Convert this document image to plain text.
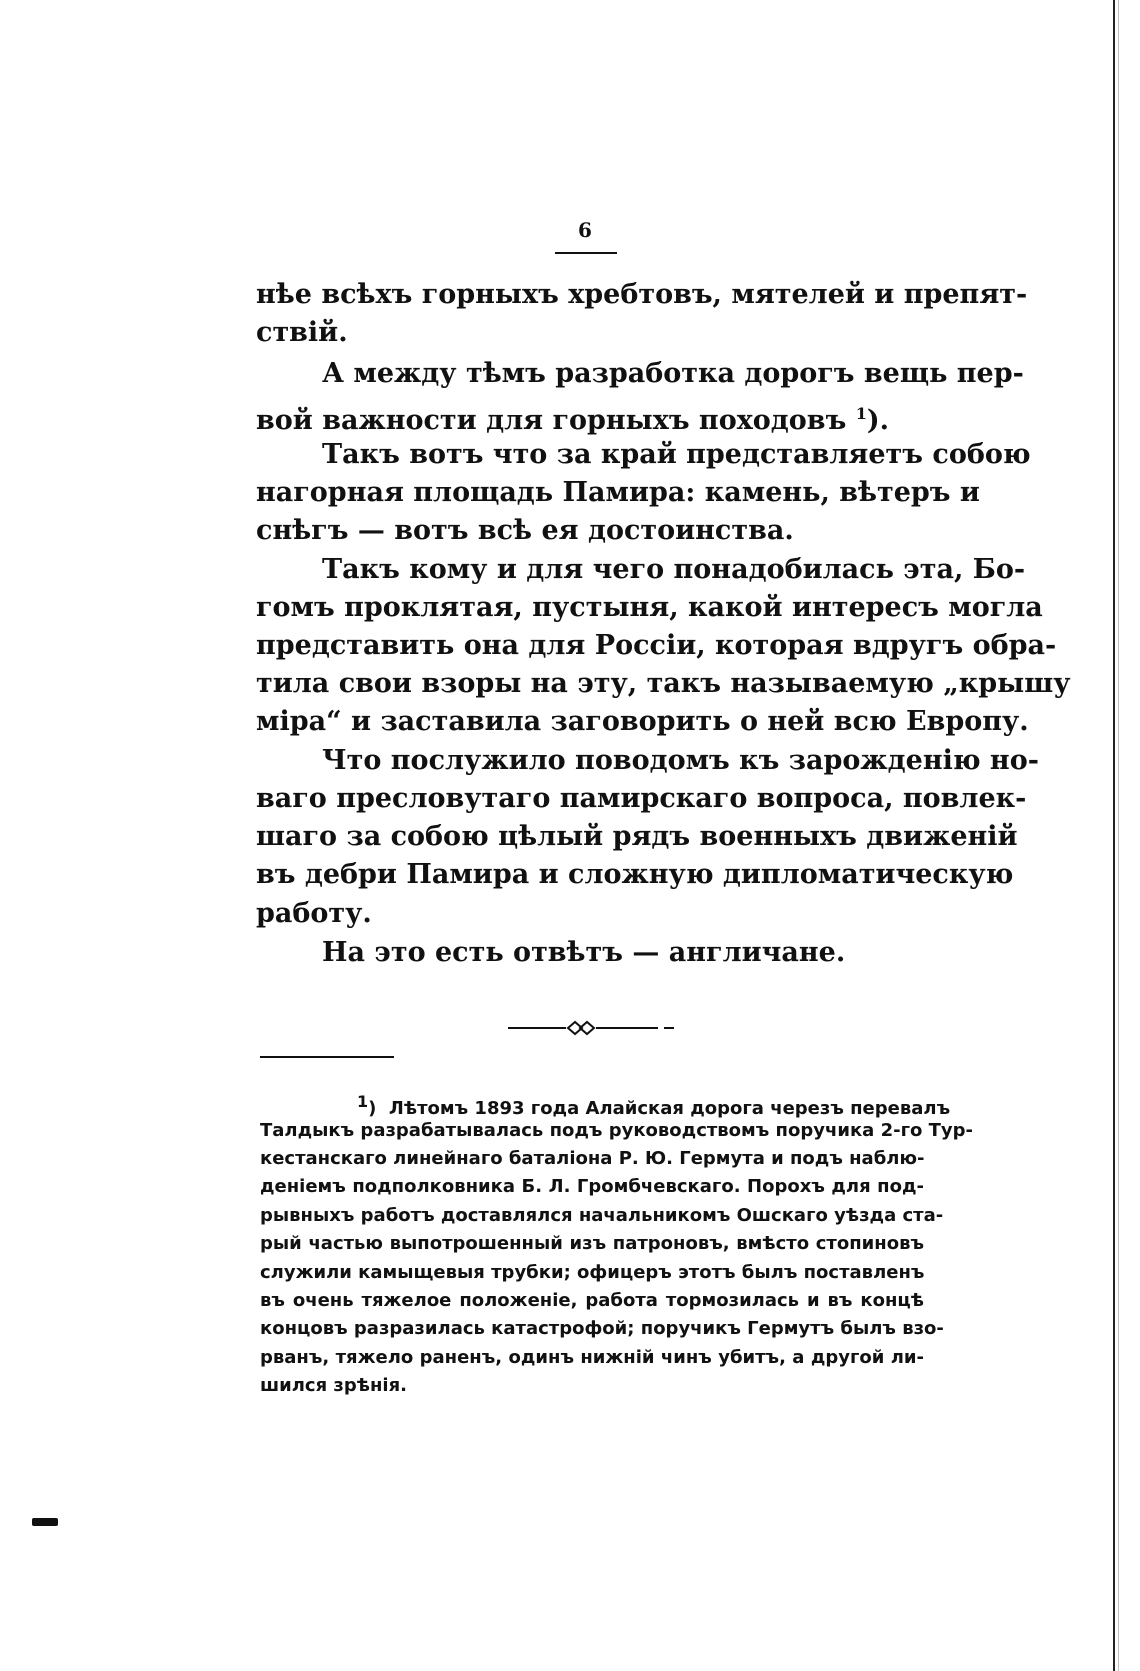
6
нѣе всѣхъ горныхъ хребтовъ, мятелей и препят-
ствій.
А между тѣмъ разработка дорогъ вещь пер-
вой важности для горныхъ походовъ $^1$).
Такъ вотъ что за край представляетъ собою
нагорная площадь Памира: камень, вѣтеръ и
снѣгъ — вотъ всѣ ея достоинства.
Такъ кому и для чего понадобилась эта, Бо-
гомъ проклятая, пустыня, какой интересъ могла
представить она для Россіи, которая вдругъ обра-
тила свои взоры на эту, такъ называемую „крышу
міра“ и заставила заговорить о ней всю Европу.
Что послужило поводомъ къ зарожденію но-
ваго пресловутаго памирскаго вопроса, повлек-
шаго за собою цѣлый рядъ военныхъ движеній
въ дебри Памира и сложную дипломатическую
работу.
На это есть отвѣтъ — англичане.
$^1$) Лѣтомъ 1893 года Алайская дорога черезъ перевалъ
Талдыкъ разрабатывалась подъ руководствомъ поручика 2-го Тур-
кестанскаго линейнаго баталіона Р. Ю. Гермута и подъ наблю-
деніемъ подполковника Б. Л. Громбчевскаго. Порохъ для под-
рывныхъ работъ доставлялся начальникомъ Ошскаго уѣзда ста-
рый частью выпотрошенный изъ патроновъ, вмѣсто стопиновъ
служили камыщевыя трубки; офицеръ этотъ былъ поставленъ
въ очень тяжелое положеніе, работа тормозилась и въ концѣ
концовъ разразилась катастрофой; поручикъ Гермутъ былъ взо-
рванъ, тяжело раненъ, одинъ нижній чинъ убитъ, а другой ли-
шился зрѣнія.
